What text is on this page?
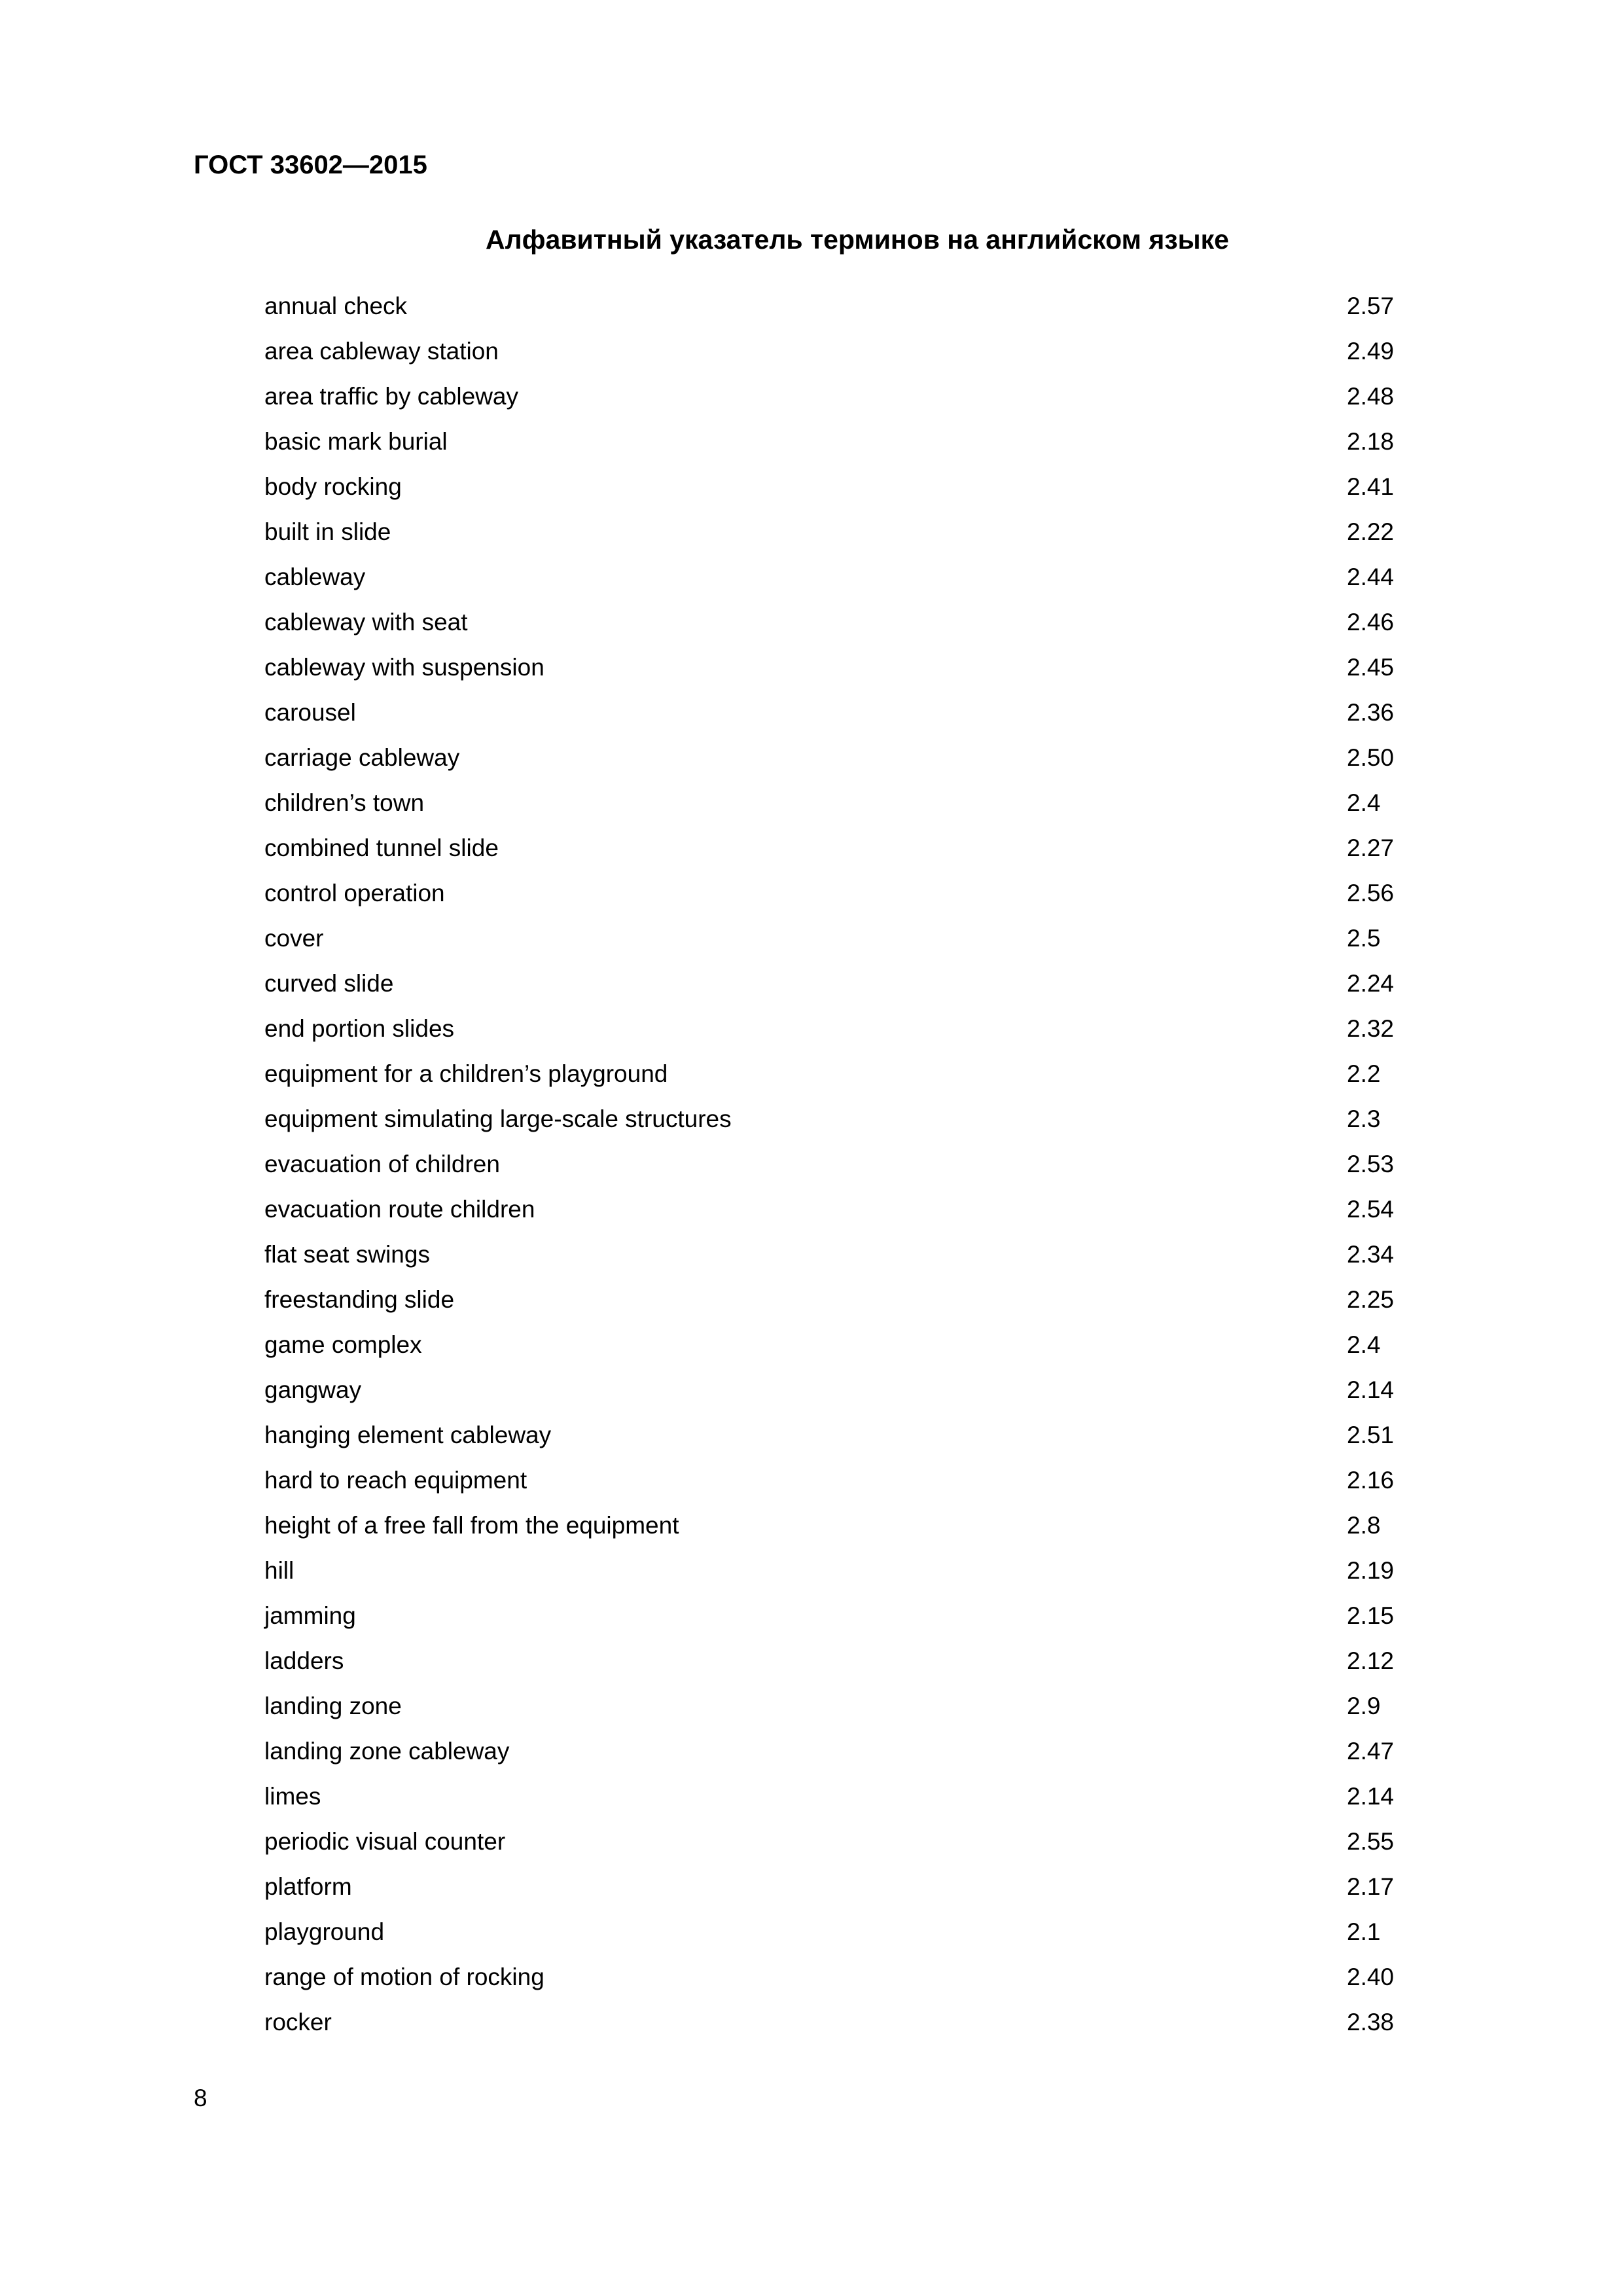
ГОСТ 33602—2015
Алфавитный указатель терминов на английском языке
annual check	2.57
area cableway station	2.49
area traffic by cableway	2.48
basic mark burial	2.18
body rocking	2.41
built in slide	2.22
cableway	2.44
cableway with seat	2.46
cableway with suspension	2.45
carousel	2.36
carriage cableway	2.50
children’s town	2.4
combined tunnel slide	2.27
control operation	2.56
cover	2.5
curved slide	2.24
end portion slides	2.32
equipment for a children’s playground	2.2
equipment simulating large-scale structures	2.3
evacuation of children	2.53
evacuation route children	2.54
flat seat swings	2.34
freestanding slide	2.25
game complex	2.4
gangway	2.14
hanging element cableway	2.51
hard to reach equipment	2.16
height of a free fall from the equipment	2.8
hill	2.19
jamming	2.15
ladders	2.12
landing zone	2.9
landing zone cableway	2.47
limes	2.14
periodic visual counter	2.55
platform	2.17
playground	2.1
range of motion of rocking	2.40
rocker	2.38
8
